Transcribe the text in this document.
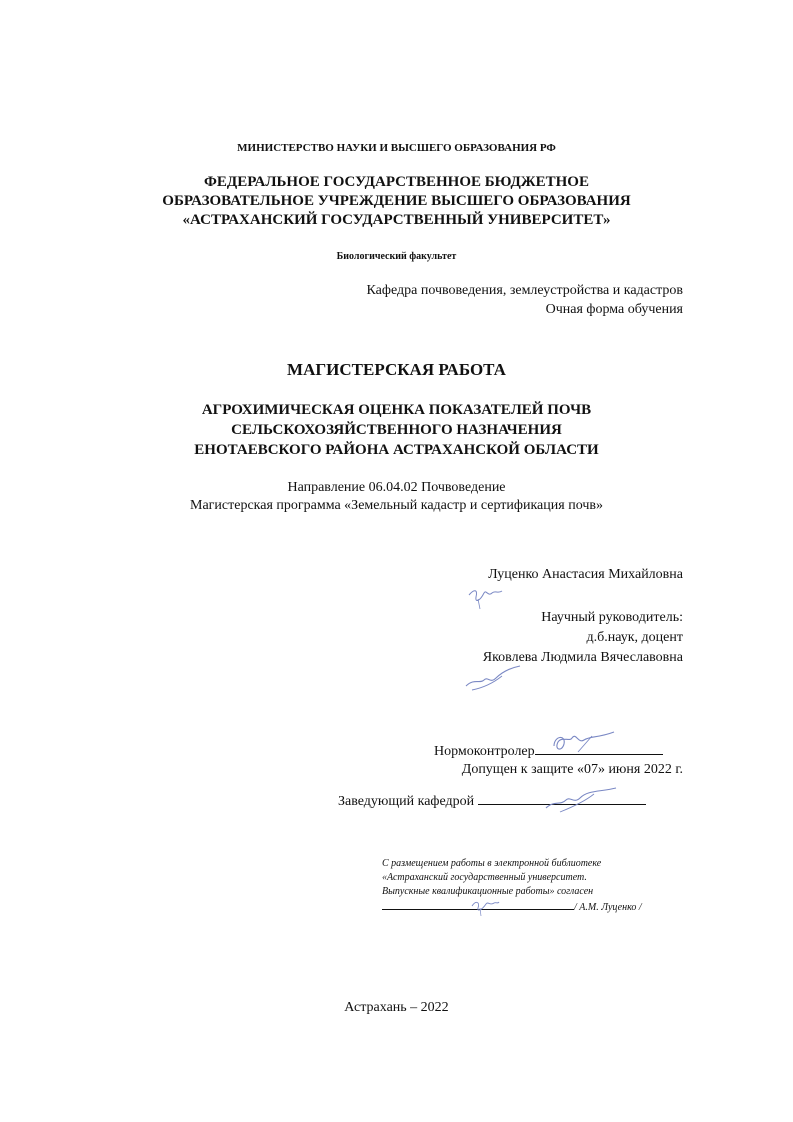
МИНИСТЕРСТВО НАУКИ И ВЫСШЕГО ОБРАЗОВАНИЯ РФ
ФЕДЕРАЛЬНОЕ ГОСУДАРСТВЕННОЕ БЮДЖЕТНОЕ
ОБРАЗОВАТЕЛЬНОЕ УЧРЕЖДЕНИЕ ВЫСШЕГО ОБРАЗОВАНИЯ
«АСТРАХАНСКИЙ ГОСУДАРСТВЕННЫЙ УНИВЕРСИТЕТ»
Биологический факультет
Кафедра почвоведения, землеустройства и кадастров
Очная форма обучения
МАГИСТЕРСКАЯ РАБОТА
АГРОХИМИЧЕСКАЯ ОЦЕНКА ПОКАЗАТЕЛЕЙ ПОЧВ
СЕЛЬСКОХОЗЯЙСТВЕННОГО НАЗНАЧЕНИЯ
ЕНОТАЕВСКОГО РАЙОНА АСТРАХАНСКОЙ ОБЛАСТИ
Направление 06.04.02 Почвоведение
Магистерская программа «Земельный кадастр и сертификация почв»
Луценко Анастасия Михайловна
Научный руководитель:
д.б.наук, доцент
Яковлева Людмила Вячеславовна
Нормоконтролер
Допущен к защите «07» июня 2022 г.
Заведующий кафедрой
С размещением работы в электронной библиотеке
«Астраханский государственный университет.
Выпускные квалификационные работы» согласен
/ А.М. Луценко /
Астрахань – 2022
